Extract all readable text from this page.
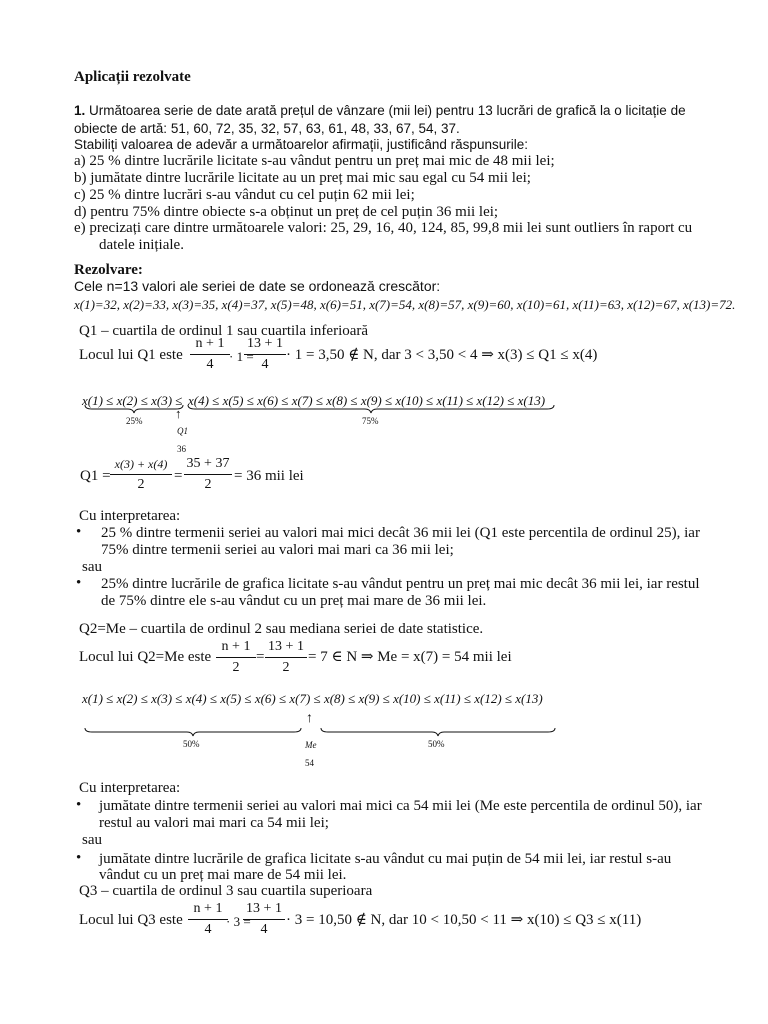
Aplicații rezolvate
1. Următoarea serie de date arată prețul de vânzare (mii lei) pentru 13 lucrări de grafică la o licitație de
obiecte de artă: 51, 60, 72, 35, 32, 57, 63, 61, 48, 33, 67, 54, 37.
Stabiliți valoarea de adevăr a următoarelor afirmații, justificând răspunsurile:
a) 25 % dintre lucrările licitate s-au vândut pentru un preț mai mic de 48 mii lei;
b) jumătate dintre lucrările licitate au un preț mai mic sau egal cu 54 mii lei;
c) 25 % dintre lucrări s-au vândut cu cel puțin 62 mii lei;
d) pentru 75% dintre obiecte s-a obținut un preț de cel puțin 36 mii lei;
e) precizați care dintre următoarele valori: 25, 29, 16, 40, 124, 85, 99,8 mii lei sunt outliers în raport cu
datele inițiale.
Rezolvare:
Cele n=13 valori ale seriei de date se ordonează crescător:
x(1)=32, x(2)=33, x(3)=35, x(4)=37, x(5)=48, x(6)=51, x(7)=54, x(8)=57, x(9)=60, x(10)=61, x(11)=63, x(12)=67, x(13)=72.
Q1 – cuartila de ordinul 1 sau cuartila inferioară
Locul lui Q1 este
n + 1
4
· 1 =
13 + 1
4
· 1 = 3,50 ∉ N, dar 3 < 3,50 < 4 ⇒ x(3) ≤ Q1 ≤ x(4)
x(1) ≤ x(2) ≤ x(3) ≤ x(4) ≤ x(5) ≤ x(6) ≤ x(7) ≤ x(8) ≤ x(9) ≤ x(10) ≤ x(11) ≤ x(12) ≤ x(13)
25%	75%
↑
Q1
36
Q1 =
x(3) + x(4)
2
=
35 + 37
2
= 36 mii lei
Cu interpretarea:
• 25 % dintre termenii seriei au valori mai mici decât 36 mii lei (Q1 este percentila de ordinul 25), iar
75% dintre termenii seriei au valori mai mari ca 36 mii lei;
sau
• 25% dintre lucrările de grafica licitate s-au vândut pentru un preț mai mic decât 36 mii lei, iar restul
de 75% dintre ele s-au vândut cu un preț mai mare de 36 mii lei.
Q2=Me – cuartila de ordinul 2 sau mediana seriei de date statistice.
Locul lui Q2=Me este
n + 1
2
=
13 + 1
2
= 7 ∈ N ⇒ Me = x(7) = 54 mii lei
x(1) ≤ x(2) ≤ x(3) ≤ x(4) ≤ x(5) ≤ x(6) ≤ x(7) ≤ x(8) ≤ x(9) ≤ x(10) ≤ x(11) ≤ x(12) ≤ x(13)
50%	50%
↑
Me
54
Cu interpretarea:
• jumătate dintre termenii seriei au valori mai mici ca 54 mii lei (Me este percentila de ordinul 50), iar
restul au valori mai mari ca 54 mii lei;
sau
• jumătate dintre lucrările de grafica licitate s-au vândut cu mai puțin de 54 mii lei, iar restul s-au
vândut cu un preț mai mare de 54 mii lei.
Q3 – cuartila de ordinul 3 sau cuartila superioara
Locul lui Q3 este
n + 1
4
· 3 =
13 + 1
4
· 3 = 10,50 ∉ N, dar 10 < 10,50 < 11 ⇒ x(10) ≤ Q3 ≤ x(11)
